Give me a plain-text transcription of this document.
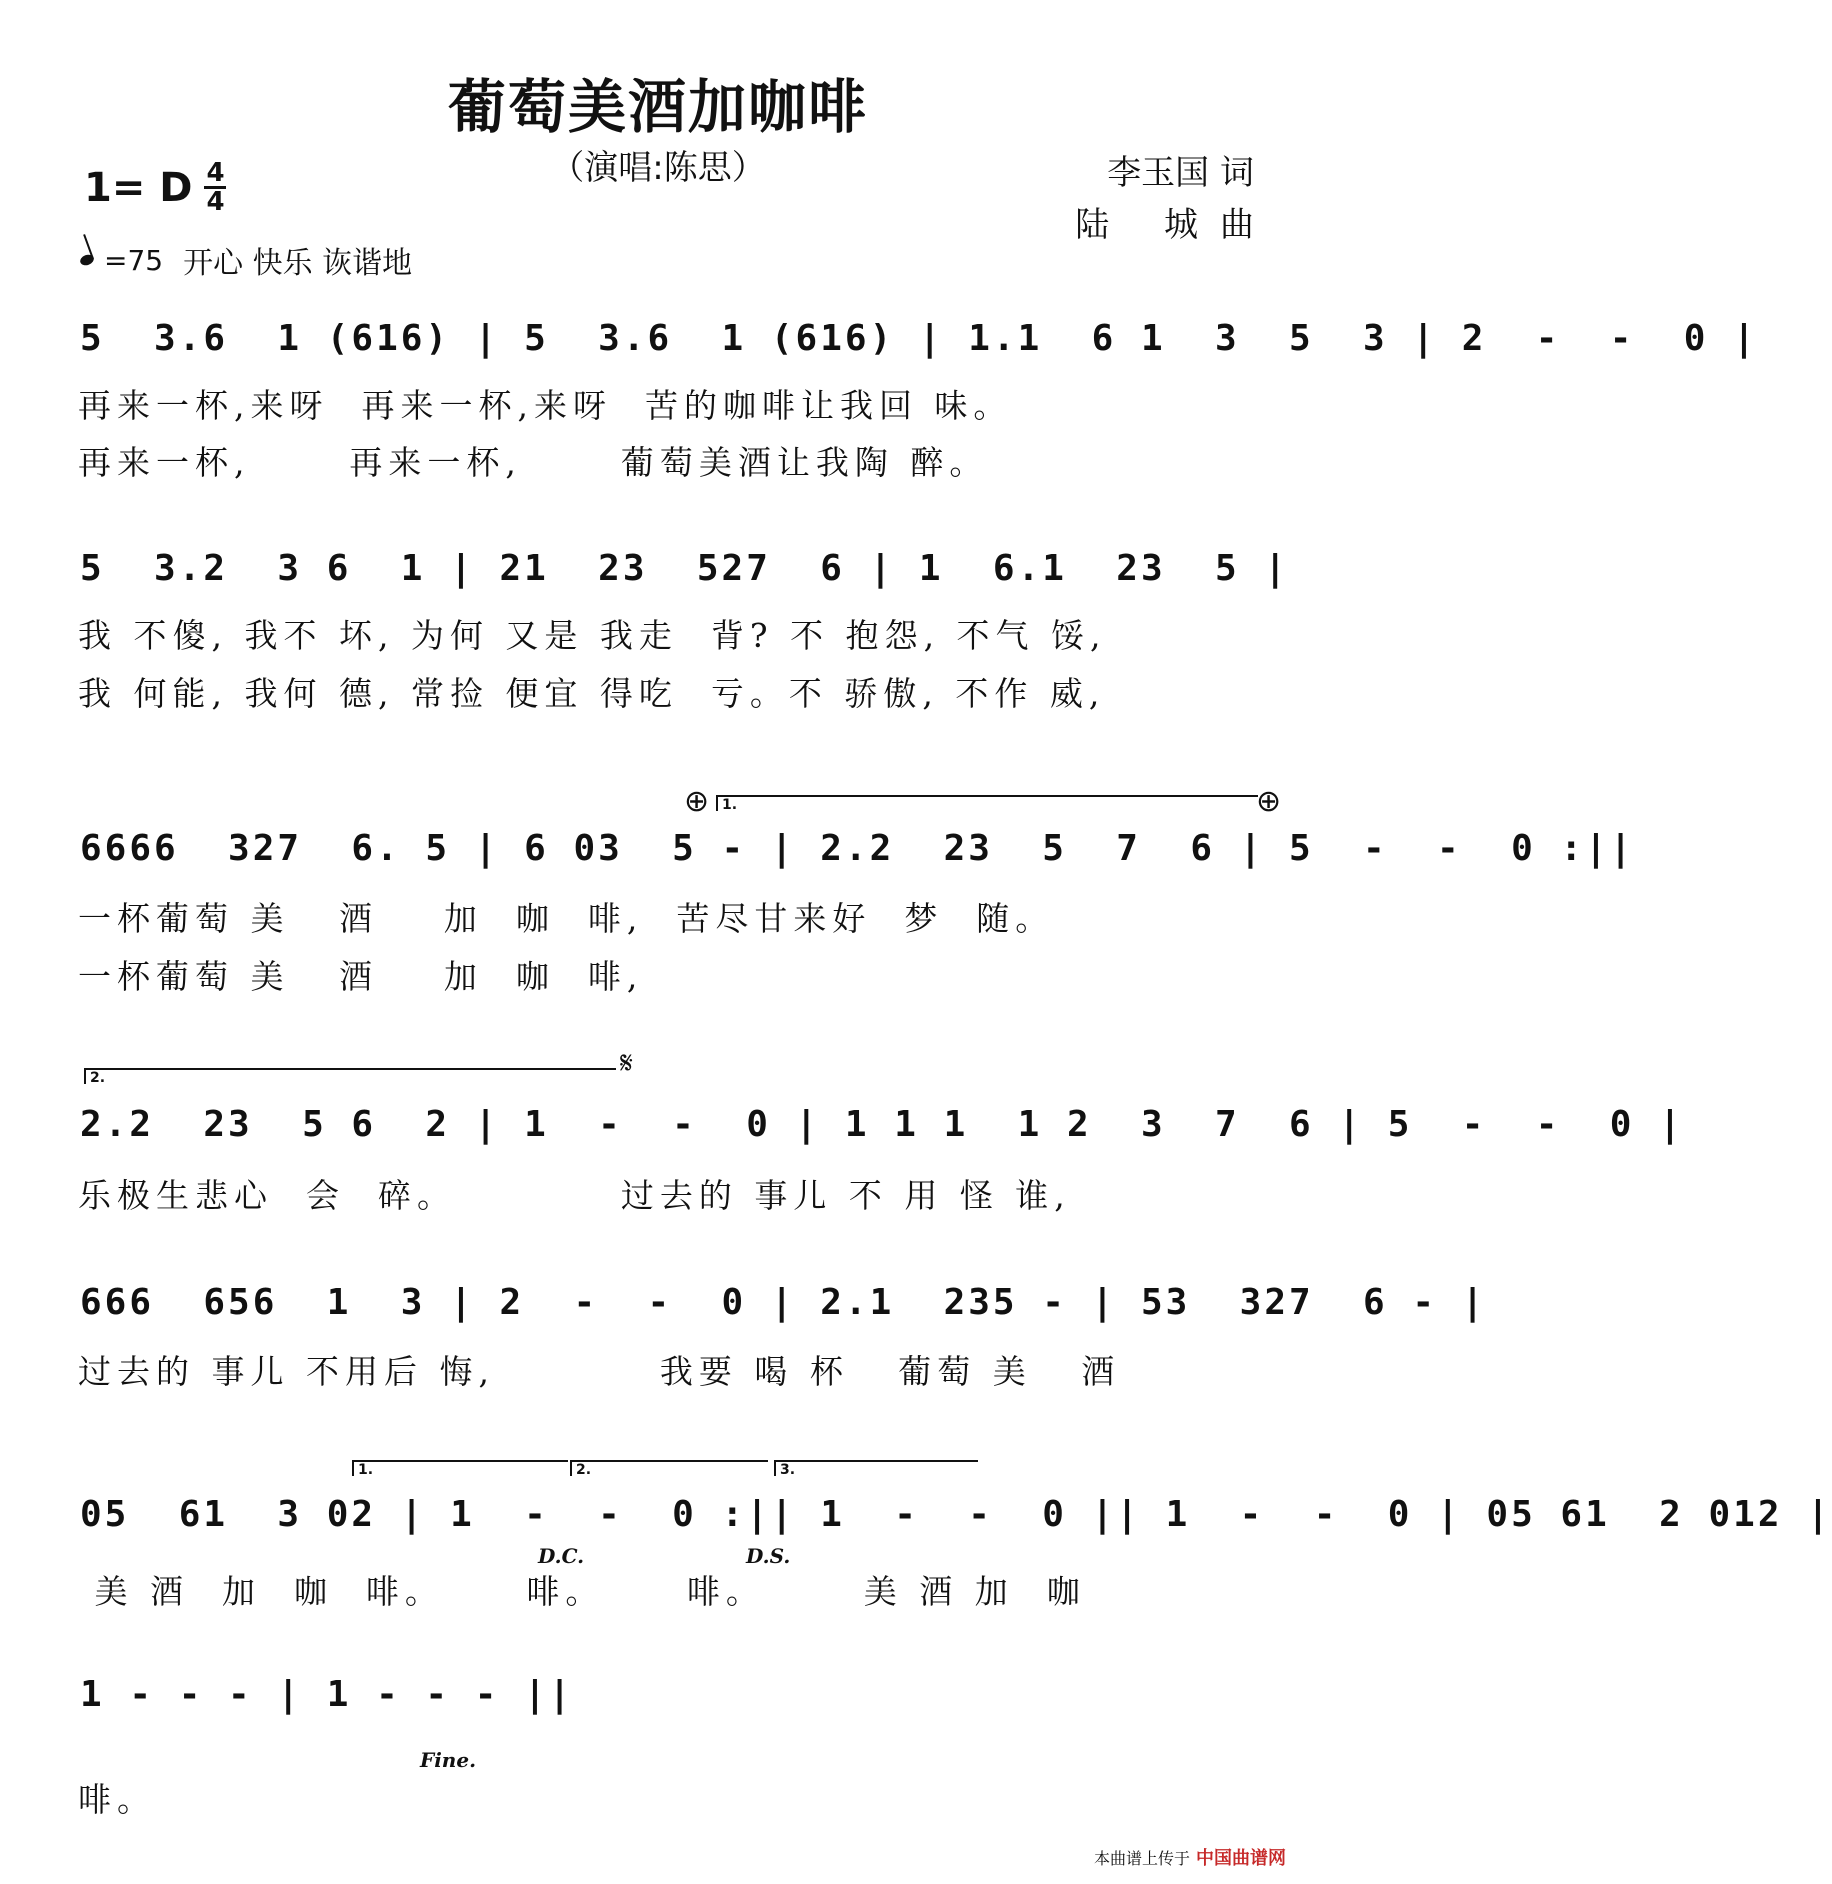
葡萄美酒加咖啡
（演唱:陈思）
1= D $\frac{4}{4}$	李玉国 词
陆 城曲
=75 开心 快乐 诙谐地
5  3.6  1 (616) | 5  3.6  1 (616) | 1.1  6 1  3  5  3 | 2  -  -  0 |
再来一杯,来呀  再来一杯,来呀  苦的咖啡让我回 味。
再来一杯,      再来一杯,      葡萄美酒让我陶 醉。
5  3.2  3 6  1 | 21  23  527  6 | 1  6.1  23  5 |
我 不傻, 我不 坏, 为何 又是 我走  背? 不 抱怨, 不气 馁,
我 何能, 我何 德, 常捡 便宜 得吃  亏。不 骄傲, 不作 威,
⊕ 1.	⊕
6666  327  6. 5 | 6 03  5 - | 2.2  23  5  7  6 | 5  -  -  0 :||
一杯葡萄 美   酒    加  咖  啡,  苦尽甘来好  梦  随。
一杯葡萄 美   酒    加  咖  啡,
2.	𝄋
2.2  23  5 6  2 | 1  -  -  0 | 1 1 1  1 2  3  7  6 | 5  -  -  0 |
乐极生悲心  会  碎。          过去的 事儿 不 用 怪 谁,
666  656  1  3 | 2  -  -  0 | 2.1  235 - | 53  327  6 - |
过去的 事儿 不用后 悔,          我要 喝 杯   葡萄 美   酒
1.	2.	3.
05  61  3 02 | 1  -  -  0 :|| 1  -  -  0 || 1  -  -  0 | 05 61  2 012 |
D.C.	D.S.
美 酒  加  咖  啡。     啡。     啡。      美 酒 加  咖
1 - - - | 1 - - - ||
Fine.
啡。
本曲谱上传于 中国曲谱网
